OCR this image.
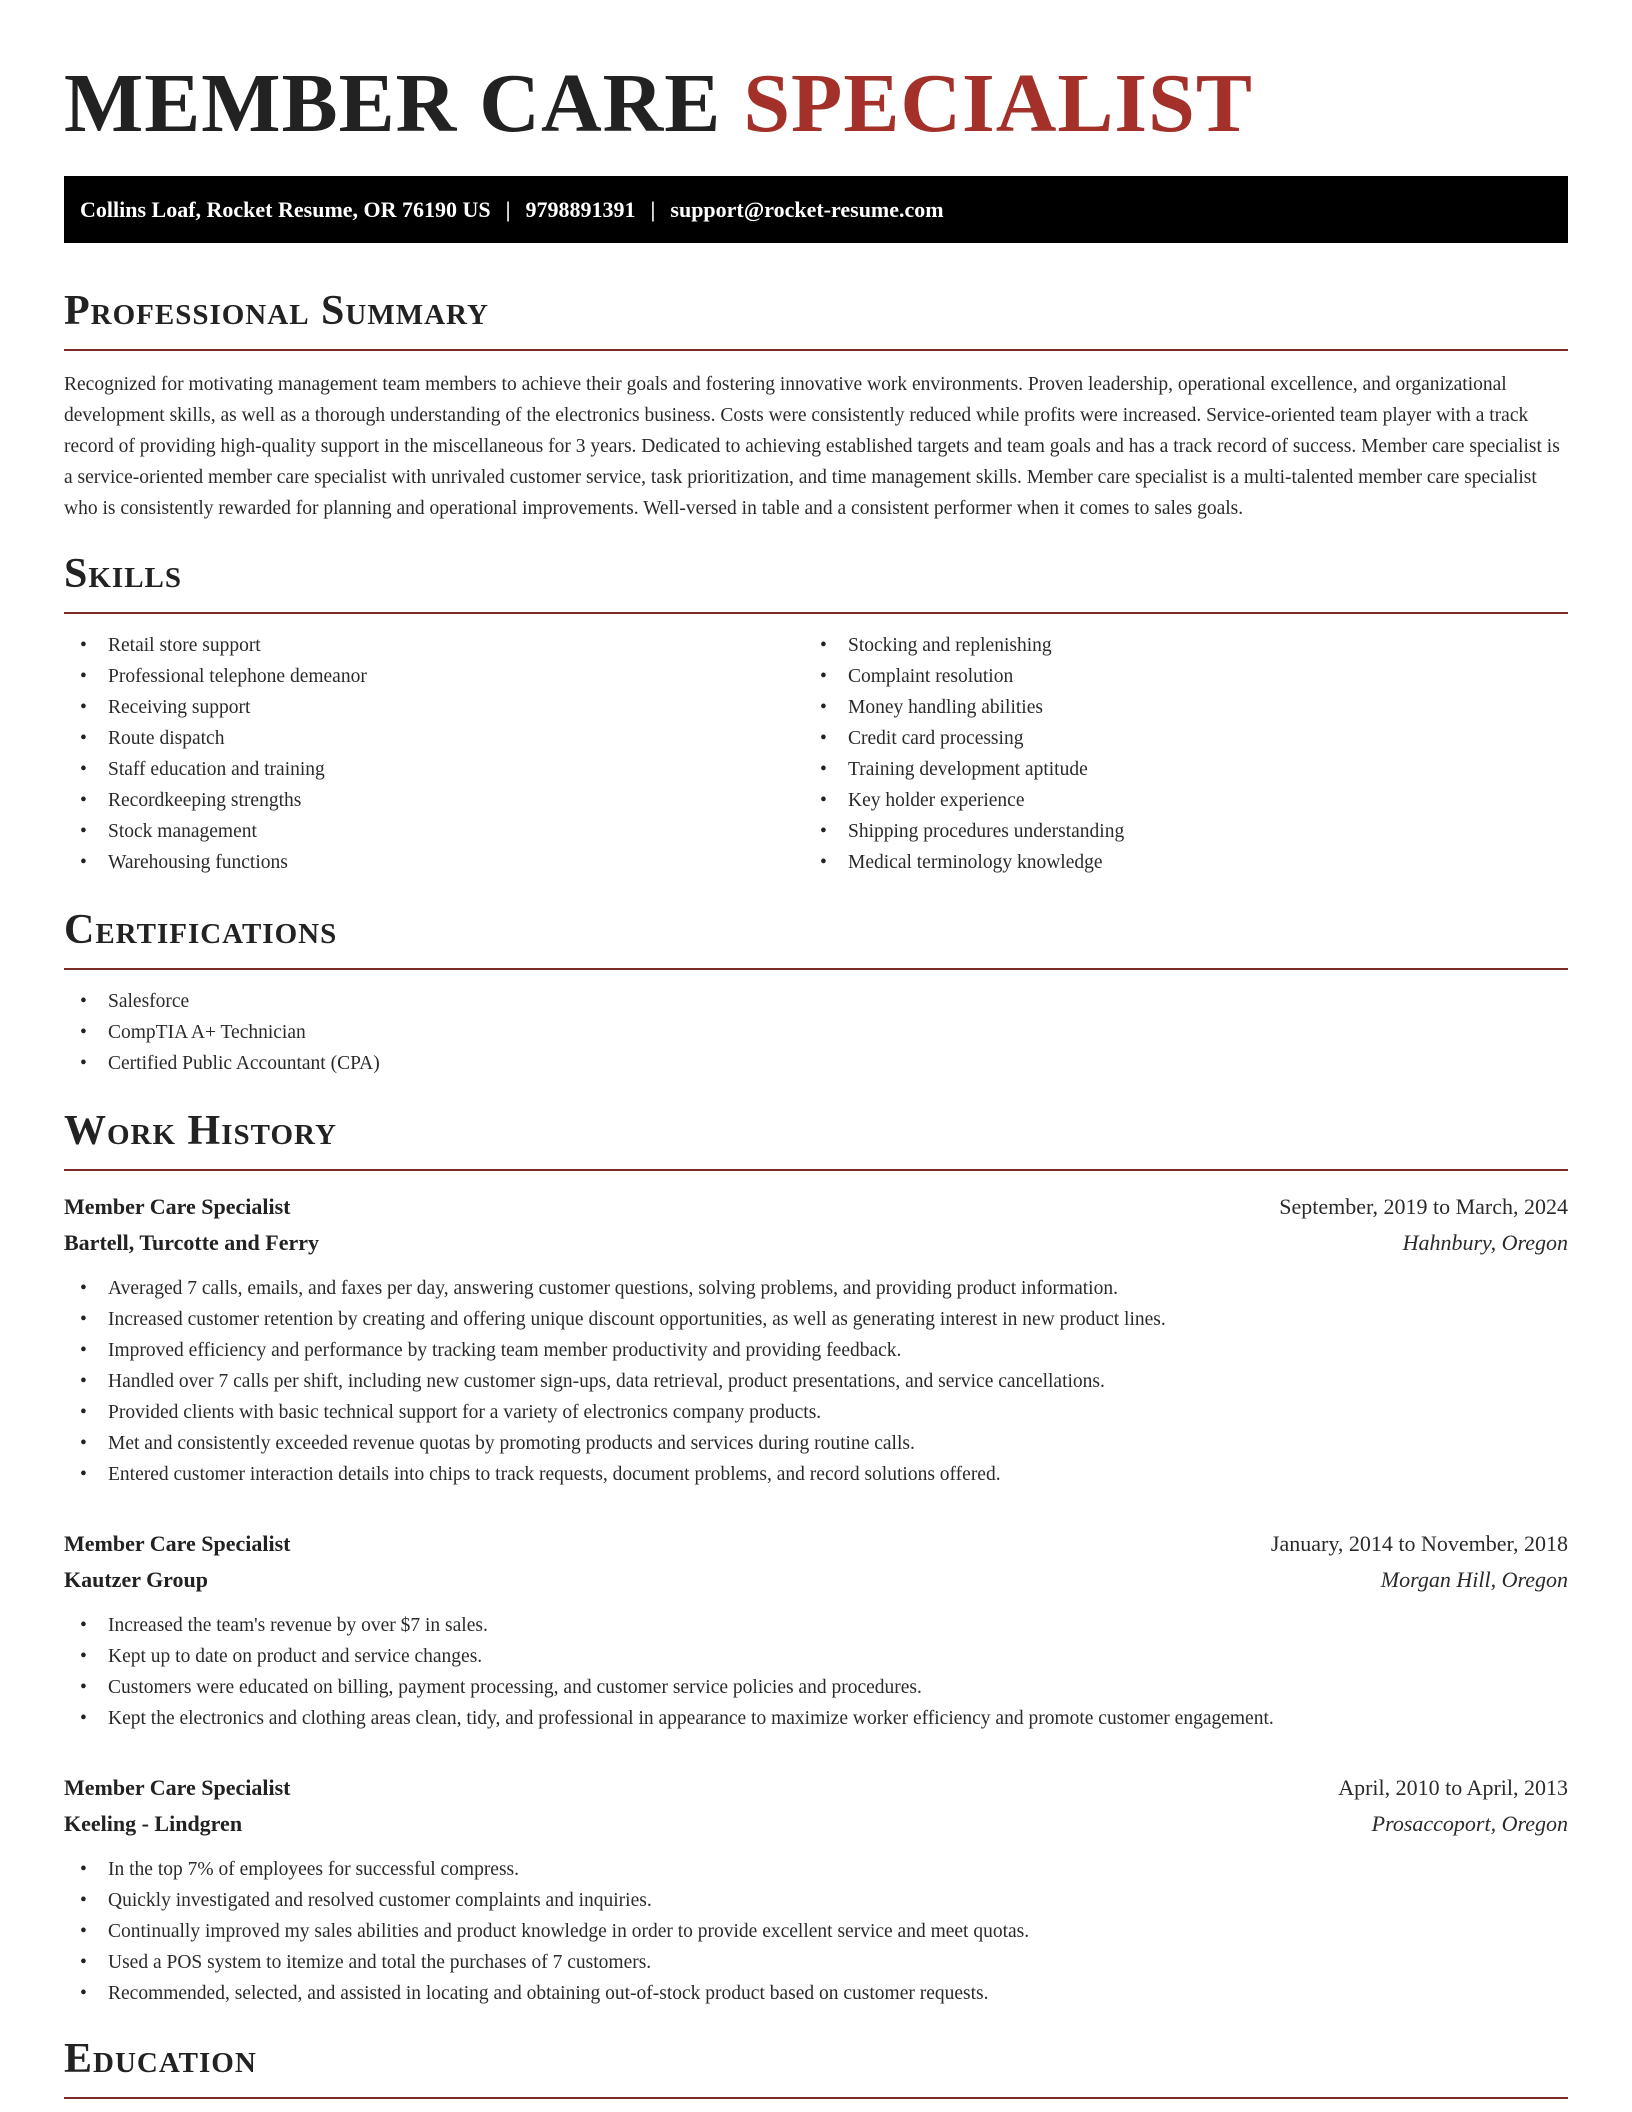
MEMBER CARE SPECIALIST
Collins Loaf, Rocket Resume, OR 76190 US | 9798891391 | support@rocket-resume.com
Professional Summary

Recognized for motivating management team members to achieve their goals and fostering innovative work environments. Proven leadership, operational excellence, and organizational development skills, as well as a thorough understanding of the electronics business. Costs were consistently reduced while profits were increased. Service-oriented team player with a track record of providing high-quality support in the miscellaneous for 3 years. Dedicated to achieving established targets and team goals and has a track record of success. Member care specialist is a service-oriented member care specialist with unrivaled customer service, task prioritization, and time management skills. Member care specialist is a multi-talented member care specialist who is consistently rewarded for planning and operational improvements. Well-versed in table and a consistent performer when it comes to sales goals.

Skills
• Retail store support
• Professional telephone demeanor
• Receiving support
• Route dispatch
• Staff education and training
• Recordkeeping strengths
• Stock management
• Warehousing functions
• Stocking and replenishing
• Complaint resolution
• Money handling abilities
• Credit card processing
• Training development aptitude
• Key holder experience
• Shipping procedures understanding
• Medical terminology knowledge
Certifications
• Salesforce
• CompTIA A+ Technician
• Certified Public Accountant (CPA)
Work History
Member Care Specialist	September, 2019 to March, 2024
Bartell, Turcotte and Ferry	Hahnbury, Oregon
• Averaged 7 calls, emails, and faxes per day, answering customer questions, solving problems, and providing product information.
• Increased customer retention by creating and offering unique discount opportunities, as well as generating interest in new product lines.
• Improved efficiency and performance by tracking team member productivity and providing feedback.
• Handled over 7 calls per shift, including new customer sign-ups, data retrieval, product presentations, and service cancellations.
• Provided clients with basic technical support for a variety of electronics company products.
• Met and consistently exceeded revenue quotas by promoting products and services during routine calls.
• Entered customer interaction details into chips to track requests, document problems, and record solutions offered.
Member Care Specialist	January, 2014 to November, 2018
Kautzer Group	Morgan Hill, Oregon
• Increased the team's revenue by over $7 in sales.
• Kept up to date on product and service changes.
• Customers were educated on billing, payment processing, and customer service policies and procedures.
• Kept the electronics and clothing areas clean, tidy, and professional in appearance to maximize worker efficiency and promote customer engagement.
Member Care Specialist	April, 2010 to April, 2013
Keeling - Lindgren	Prosaccoport, Oregon
• In the top 7% of employees for successful compress.
• Quickly investigated and resolved customer complaints and inquiries.
• Continually improved my sales abilities and product knowledge in order to provide excellent service and meet quotas.
• Used a POS system to itemize and total the purchases of 7 customers.
• Recommended, selected, and assisted in locating and obtaining out-of-stock product based on customer requests.
Education
